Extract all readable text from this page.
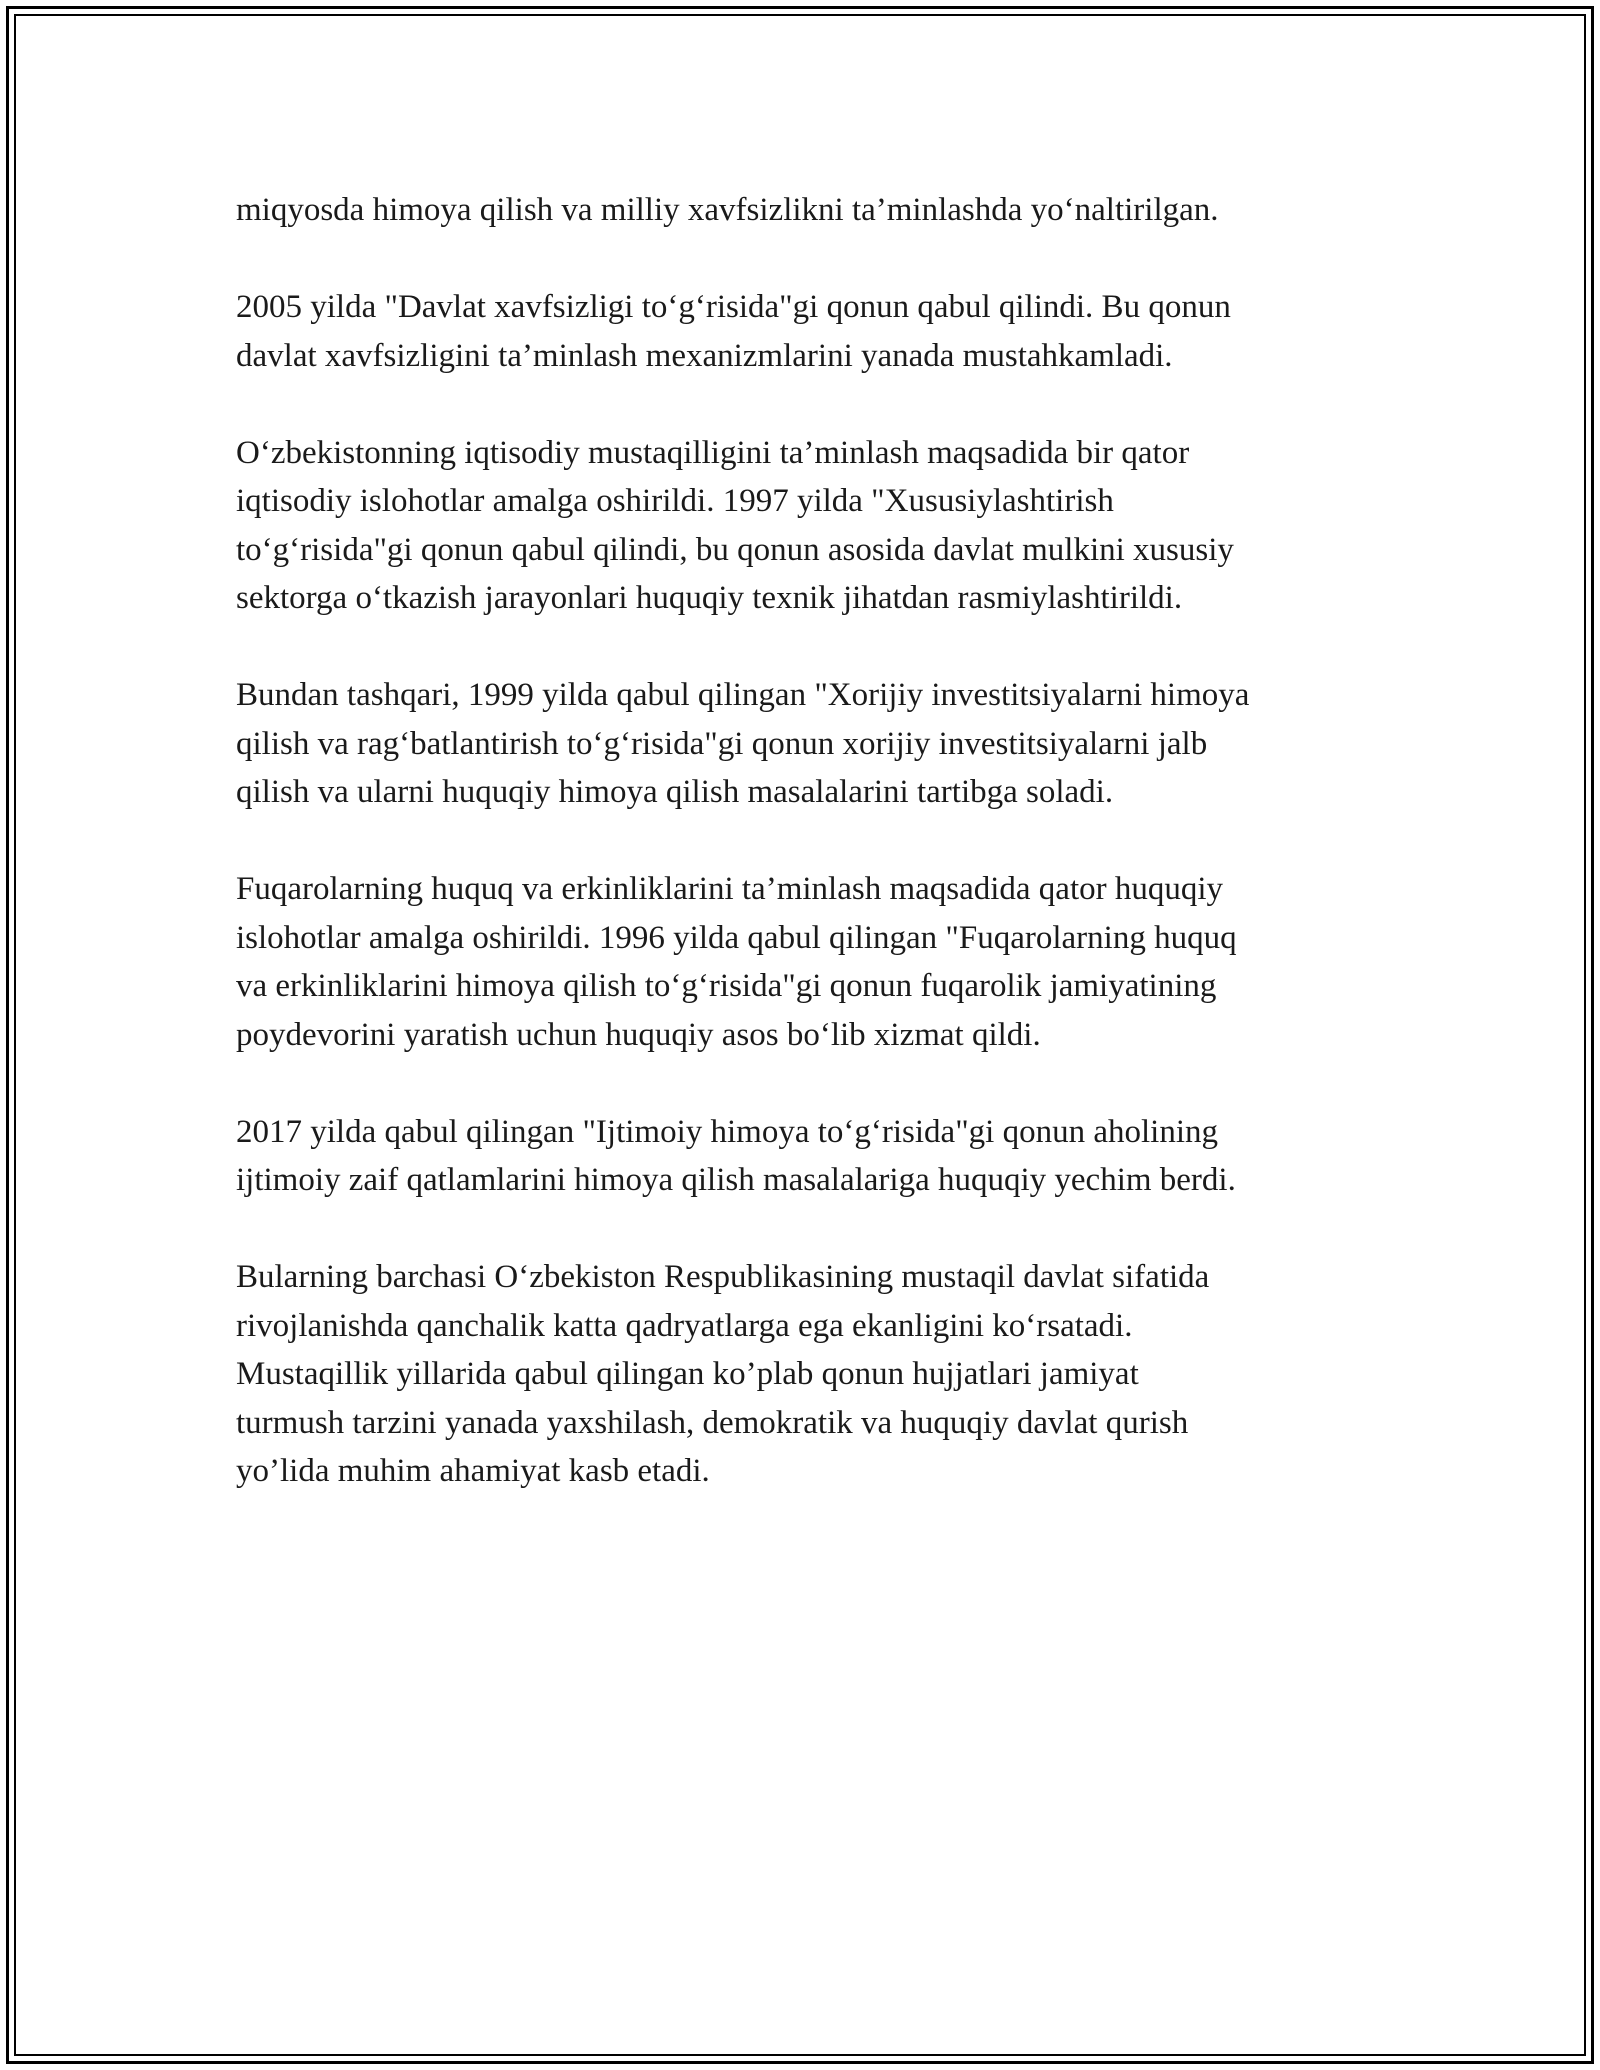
miqyosda himoya qilish va milliy xavfsizlikni ta’minlashda yo‘naltirilgan.

2005 yilda "Davlat xavfsizligi to‘g‘risida"gi qonun qabul qilindi. Bu qonun
davlat xavfsizligini ta’minlash mexanizmlarini yanada mustahkamladi.

O‘zbekistonning iqtisodiy mustaqilligini ta’minlash maqsadida bir qator
iqtisodiy islohotlar amalga oshirildi. 1997 yilda "Xususiylashtirish
to‘g‘risida"gi qonun qabul qilindi, bu qonun asosida davlat mulkini xususiy
sektorga o‘tkazish jarayonlari huquqiy texnik jihatdan rasmiylashtirildi.

Bundan tashqari, 1999 yilda qabul qilingan "Xorijiy investitsiyalarni himoya
qilish va rag‘batlantirish to‘g‘risida"gi qonun xorijiy investitsiyalarni jalb
qilish va ularni huquqiy himoya qilish masalalarini tartibga soladi.

Fuqarolarning huquq va erkinliklarini ta’minlash maqsadida qator huquqiy
islohotlar amalga oshirildi. 1996 yilda qabul qilingan "Fuqarolarning huquq
va erkinliklarini himoya qilish to‘g‘risida"gi qonun fuqarolik jamiyatining
poydevorini yaratish uchun huquqiy asos bo‘lib xizmat qildi.

2017 yilda qabul qilingan "Ijtimoiy himoya to‘g‘risida"gi qonun aholining
ijtimoiy zaif qatlamlarini himoya qilish masalalariga huquqiy yechim berdi.

Bularning barchasi O‘zbekiston Respublikasining mustaqil davlat sifatida
rivojlanishda qanchalik katta qadryatlarga ega ekanligini ko‘rsatadi.
Mustaqillik yillarida qabul qilingan ko’plab qonun hujjatlari jamiyat
turmush tarzini yanada yaxshilash, demokratik va huquqiy davlat qurish
yo’lida muhim ahamiyat kasb etadi.
